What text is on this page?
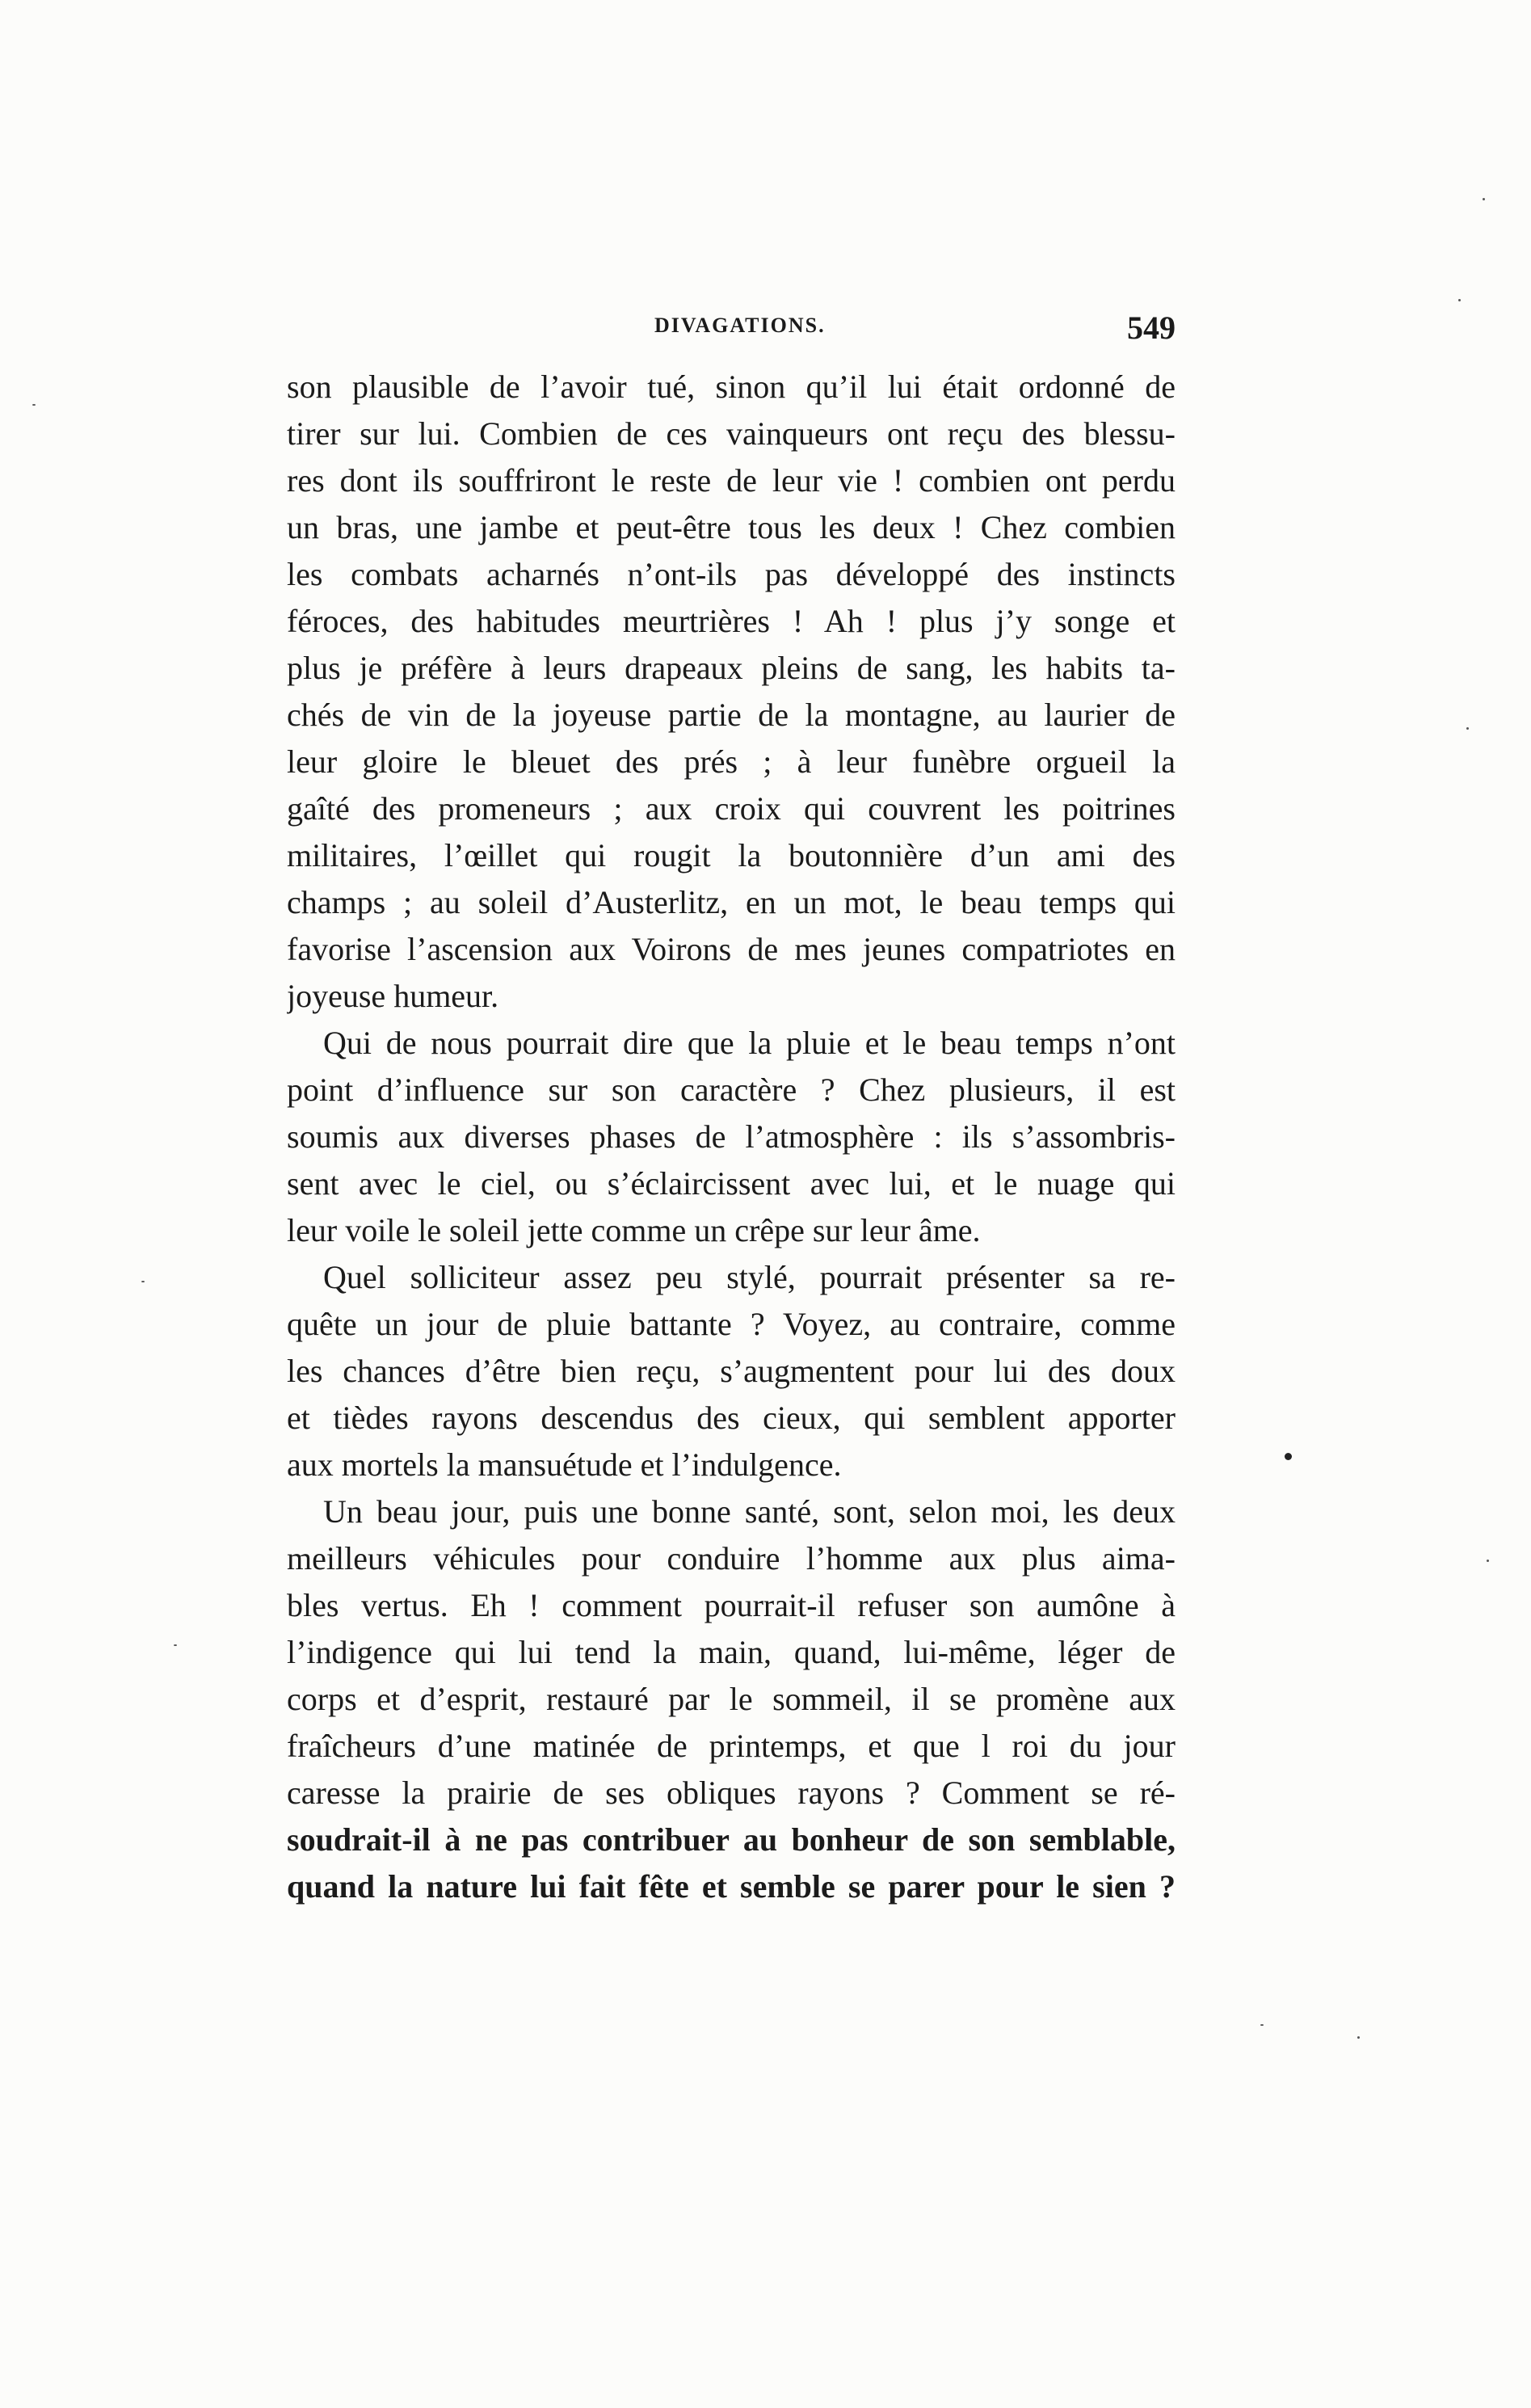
DIVAGATIONS.	549
son plausible de l’avoir tué, sinon qu’il lui était ordonné de
tirer sur lui. Combien de ces vainqueurs ont reçu des blessu-
res dont ils souffriront le reste de leur vie ! combien ont perdu
un bras, une jambe et peut-être tous les deux ! Chez combien
les combats acharnés n’ont-ils pas développé des instincts
féroces, des habitudes meurtrières ! Ah ! plus j’y songe et
plus je préfère à leurs drapeaux pleins de sang, les habits ta-
chés de vin de la joyeuse partie de la montagne, au laurier de
leur gloire le bleuet des prés ; à leur funèbre orgueil la
gaîté des promeneurs ; aux croix qui couvrent les poitrines
militaires, l’œillet qui rougit la boutonnière d’un ami des
champs ; au soleil d’Austerlitz, en un mot, le beau temps qui
favorise l’ascension aux Voirons de mes jeunes compatriotes en
joyeuse humeur.
Qui de nous pourrait dire que la pluie et le beau temps n’ont
point d’influence sur son caractère ? Chez plusieurs, il est
soumis aux diverses phases de l’atmosphère : ils s’assombris-
sent avec le ciel, ou s’éclaircissent avec lui, et le nuage qui
leur voile le soleil jette comme un crêpe sur leur âme.
Quel solliciteur assez peu stylé, pourrait présenter sa re-
quête un jour de pluie battante ? Voyez, au contraire, comme
les chances d’être bien reçu, s’augmentent pour lui des doux
et tièdes rayons descendus des cieux, qui semblent apporter
aux mortels la mansuétude et l’indulgence.
Un beau jour, puis une bonne santé, sont, selon moi, les deux
meilleurs véhicules pour conduire l’homme aux plus aima-
bles vertus. Eh ! comment pourrait-il refuser son aumône à
l’indigence qui lui tend la main, quand, lui-même, léger de
corps et d’esprit, restauré par le sommeil, il se promène aux
fraîcheurs d’une matinée de printemps, et que l roi du jour
caresse la prairie de ses obliques rayons ? Comment se ré-
soudrait-il à ne pas contribuer au bonheur de son semblable,
quand la nature lui fait fête et semble se parer pour le sien ?
